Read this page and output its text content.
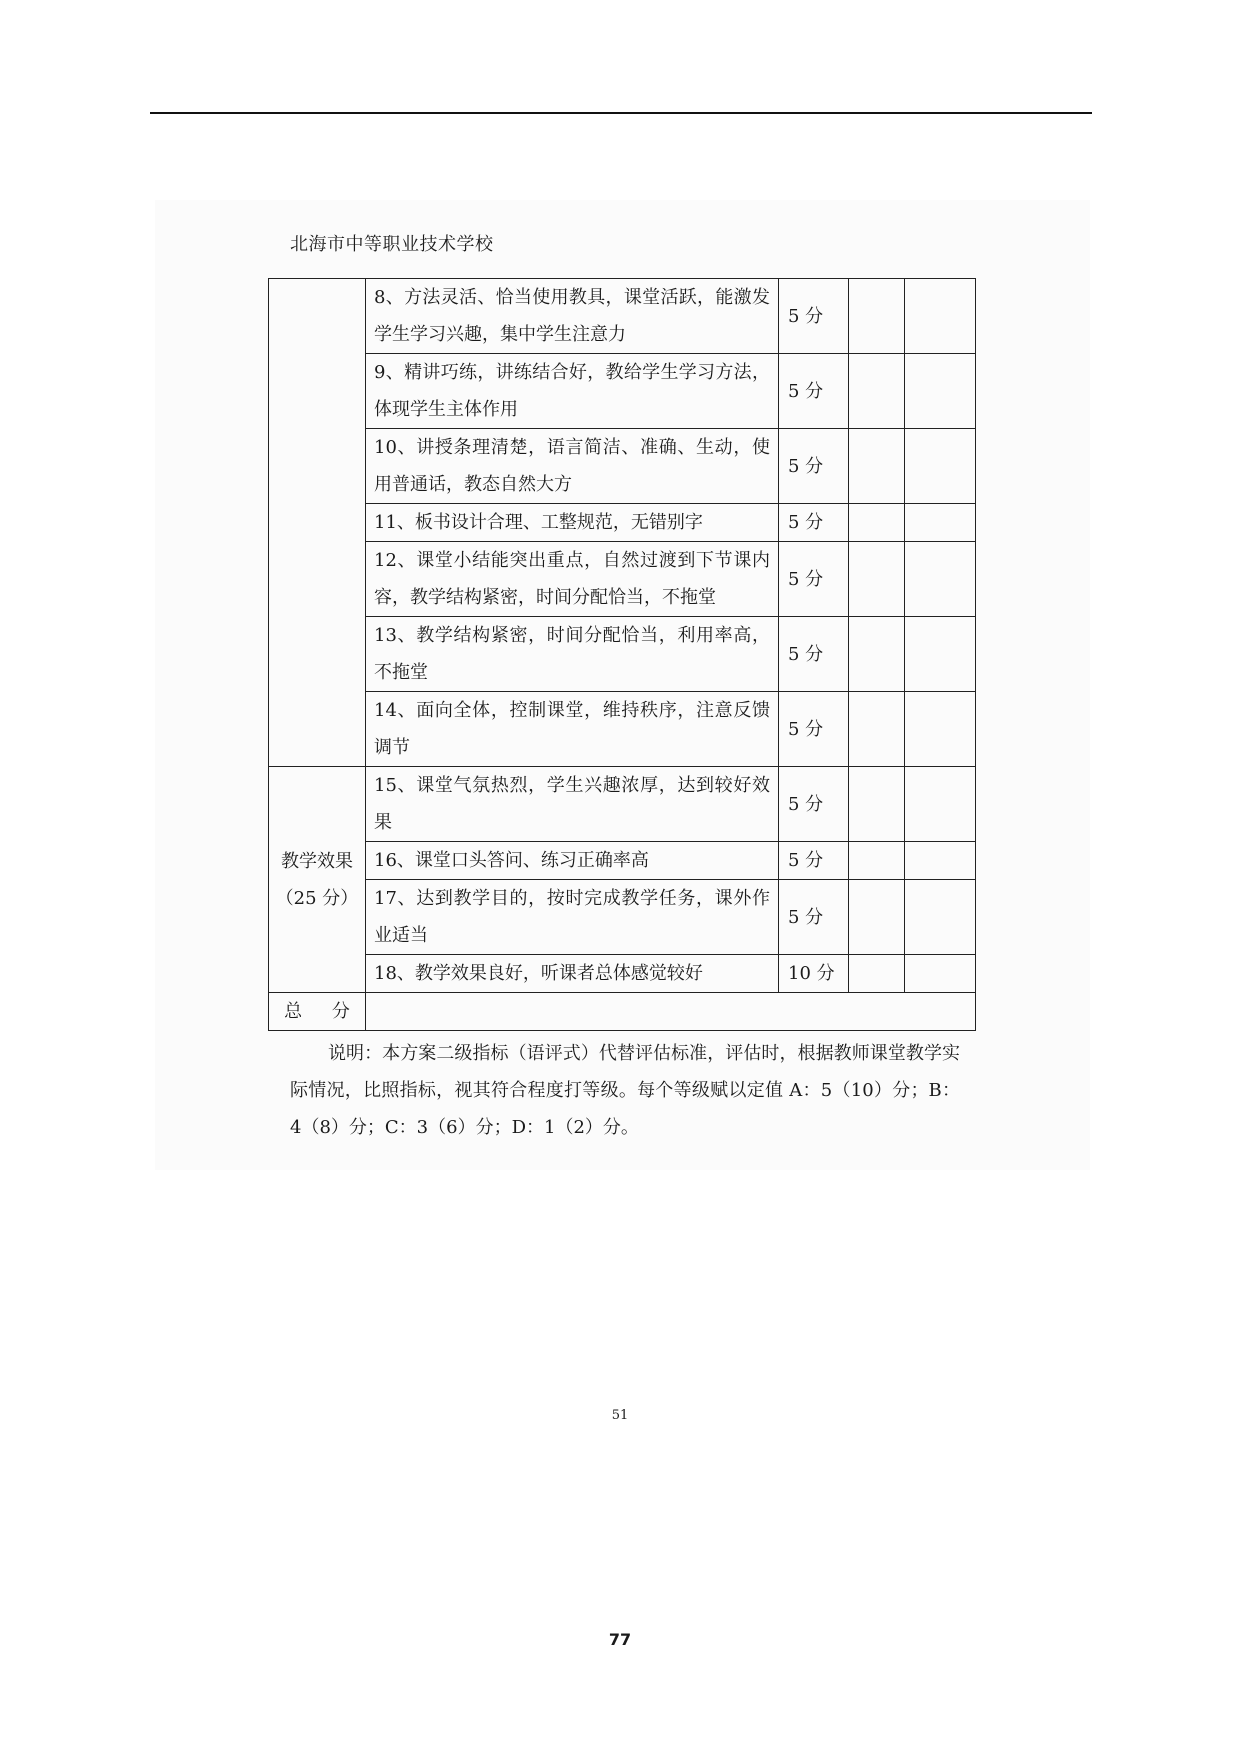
北海市中等职业技术学校
	8、方法灵活、恰当使用教具，课堂活跃，能激发学生学习兴趣，集中学生注意力	5 分		
	9、精讲巧练，讲练结合好，教给学生学习方法，体现学生主体作用	5 分		
	10、讲授条理清楚，语言简洁、准确、生动，使用普通话，教态自然大方	5 分		
	11、板书设计合理、工整规范，无错别字	5 分		
	12、课堂小结能突出重点，自然过渡到下节课内容，教学结构紧密，时间分配恰当，不拖堂	5 分		
	13、教学结构紧密，时间分配恰当，利用率高，不拖堂	5 分		
	14、面向全体，控制课堂，维持秩序，注意反馈调节	5 分		

教学效果
（25 分）	15、课堂气氛热烈，学生兴趣浓厚，达到较好效果	5 分		
	16、课堂口头答问、练习正确率高	5 分		
	17、达到教学目的，按时完成教学任务，课外作业适当	5 分		
	18、教学效果良好，听课者总体感觉较好	10 分		
总 分				
说明：本方案二级指标（语评式）代替评估标准，评估时，根据教师课堂教学实际情况，比照指标，视其符合程度打等级。每个等级赋以定值 A：5（10）分；B：4（8）分；C：3（6）分；D：1（2）分。
51
77
